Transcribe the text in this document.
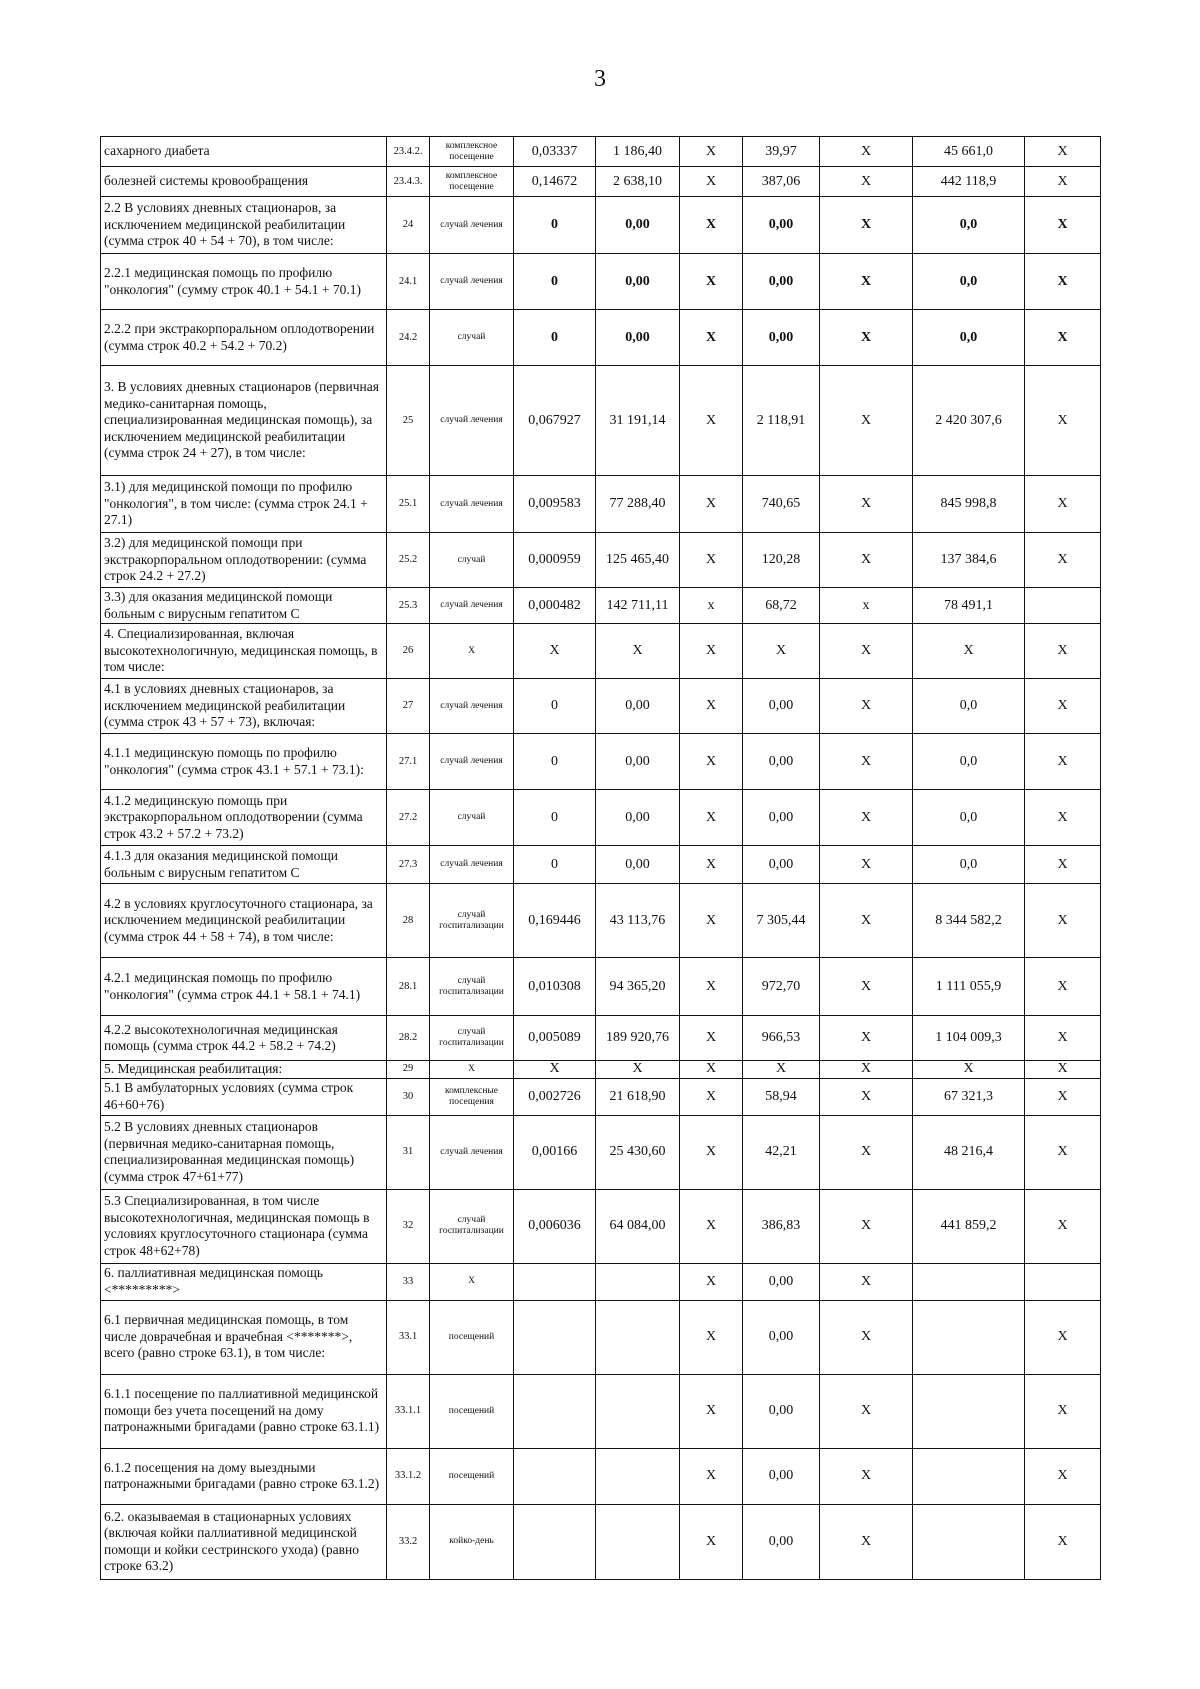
3
сахарного диабета	23.4.2.	комплексное посещение	0,03337	1 186,40	X	39,97	X	45 661,0	X
болезней системы кровообращения	23.4.3.	комплексное посещение	0,14672	2 638,10	X	387,06	X	442 118,9	X
2.2 В условиях дневных стационаров, за исключением медицинской реабилитации (сумма строк 40 + 54 + 70), в том числе:	24	случай лечения	0	0,00	X	0,00	X	0,0	X
2.2.1 медицинская помощь по профилю "онкология" (сумму строк 40.1 + 54.1 + 70.1)	24.1	случай лечения	0	0,00	X	0,00	X	0,0	X
2.2.2 при экстракорпоральном оплодотворении (сумма строк 40.2 + 54.2 + 70.2)	24.2	случай	0	0,00	X	0,00	X	0,0	X
3. В условиях дневных стационаров (первичная медико-санитарная помощь, специализированная медицинская помощь), за исключением медицинской реабилитации (сумма строк 24 + 27), в том числе:	25	случай лечения	0,067927	31 191,14	X	2 118,91	X	2 420 307,6	X
3.1) для медицинской помощи по профилю "онкология", в том числе: (сумма строк 24.1 + 27.1)	25.1	случай лечения	0,009583	77 288,40	X	740,65	X	845 998,8	X
3.2) для медицинской помощи при экстракорпоральном оплодотворении: (сумма строк 24.2 + 27.2)	25.2	случай	0,000959	125 465,40	X	120,28	X	137 384,6	X
3.3) для оказания медицинской помощи больным с вирусным гепатитом С	25.3	случай лечения	0,000482	142 711,11	x	68,72	x	78 491,1	
4. Специализированная, включая высокотехнологичную, медицинская помощь, в том числе:	26	X	X	X	X	X	X	X	X
4.1 в условиях дневных стационаров, за исключением медицинской реабилитации (сумма строк 43 + 57 + 73), включая:	27	случай лечения	0	0,00	X	0,00	X	0,0	X
4.1.1 медицинскую помощь по профилю "онкология" (сумма строк 43.1 + 57.1 + 73.1):	27.1	случай лечения	0	0,00	X	0,00	X	0,0	X
4.1.2 медицинскую помощь при экстракорпоральном оплодотворении (сумма строк 43.2 + 57.2 + 73.2)	27.2	случай	0	0,00	X	0,00	X	0,0	X
4.1.3 для оказания медицинской помощи больным с вирусным гепатитом С	27.3	случай лечения	0	0,00	X	0,00	X	0,0	X
4.2 в условиях круглосуточного стационара, за исключением медицинской реабилитации (сумма строк 44 + 58 + 74), в том числе:	28	случай госпитализации	0,169446	43 113,76	X	7 305,44	X	8 344 582,2	X
4.2.1 медицинская помощь по профилю "онкология" (сумма строк 44.1 + 58.1 + 74.1)	28.1	случай госпитализации	0,010308	94 365,20	X	972,70	X	1 111 055,9	X
4.2.2 высокотехнологичная медицинская помощь (сумма строк 44.2 + 58.2 + 74.2)	28.2	случай госпитализации	0,005089	189 920,76	X	966,53	X	1 104 009,3	X
5. Медицинская реабилитация:	29	X	X	X	X	X	X	X	X
5.1 В амбулаторных условиях (сумма строк 46+60+76)	30	комплексные посещения	0,002726	21 618,90	X	58,94	X	67 321,3	X
5.2 В условиях дневных стационаров (первичная медико-санитарная помощь, специализированная медицинская помощь) (сумма строк 47+61+77)	31	случай лечения	0,00166	25 430,60	X	42,21	X	48 216,4	X
5.3 Специализированная, в том числе высокотехнологичная, медицинская помощь в условиях круглосуточного стационара (сумма строк 48+62+78)	32	случай госпитализации	0,006036	64 084,00	X	386,83	X	441 859,2	X
6. паллиативная медицинская помощь <*********>	33	X			X	0,00	X		
6.1 первичная медицинская помощь, в том числе доврачебная и врачебная <*******>, всего (равно строке 63.1), в том числе:	33.1	посещений			X	0,00	X		X
6.1.1 посещение по паллиативной медицинской помощи без учета посещений на дому патронажными бригадами (равно строке 63.1.1)	33.1.1	посещений			X	0,00	X		X
6.1.2 посещения на дому выездными патронажными бригадами (равно строке 63.1.2)	33.1.2	посещений			X	0,00	X		X
6.2. оказываемая в стационарных условиях (включая койки паллиативной медицинской помощи и койки сестринского ухода) (равно строке 63.2)	33.2	койко-день			X	0,00	X		X
